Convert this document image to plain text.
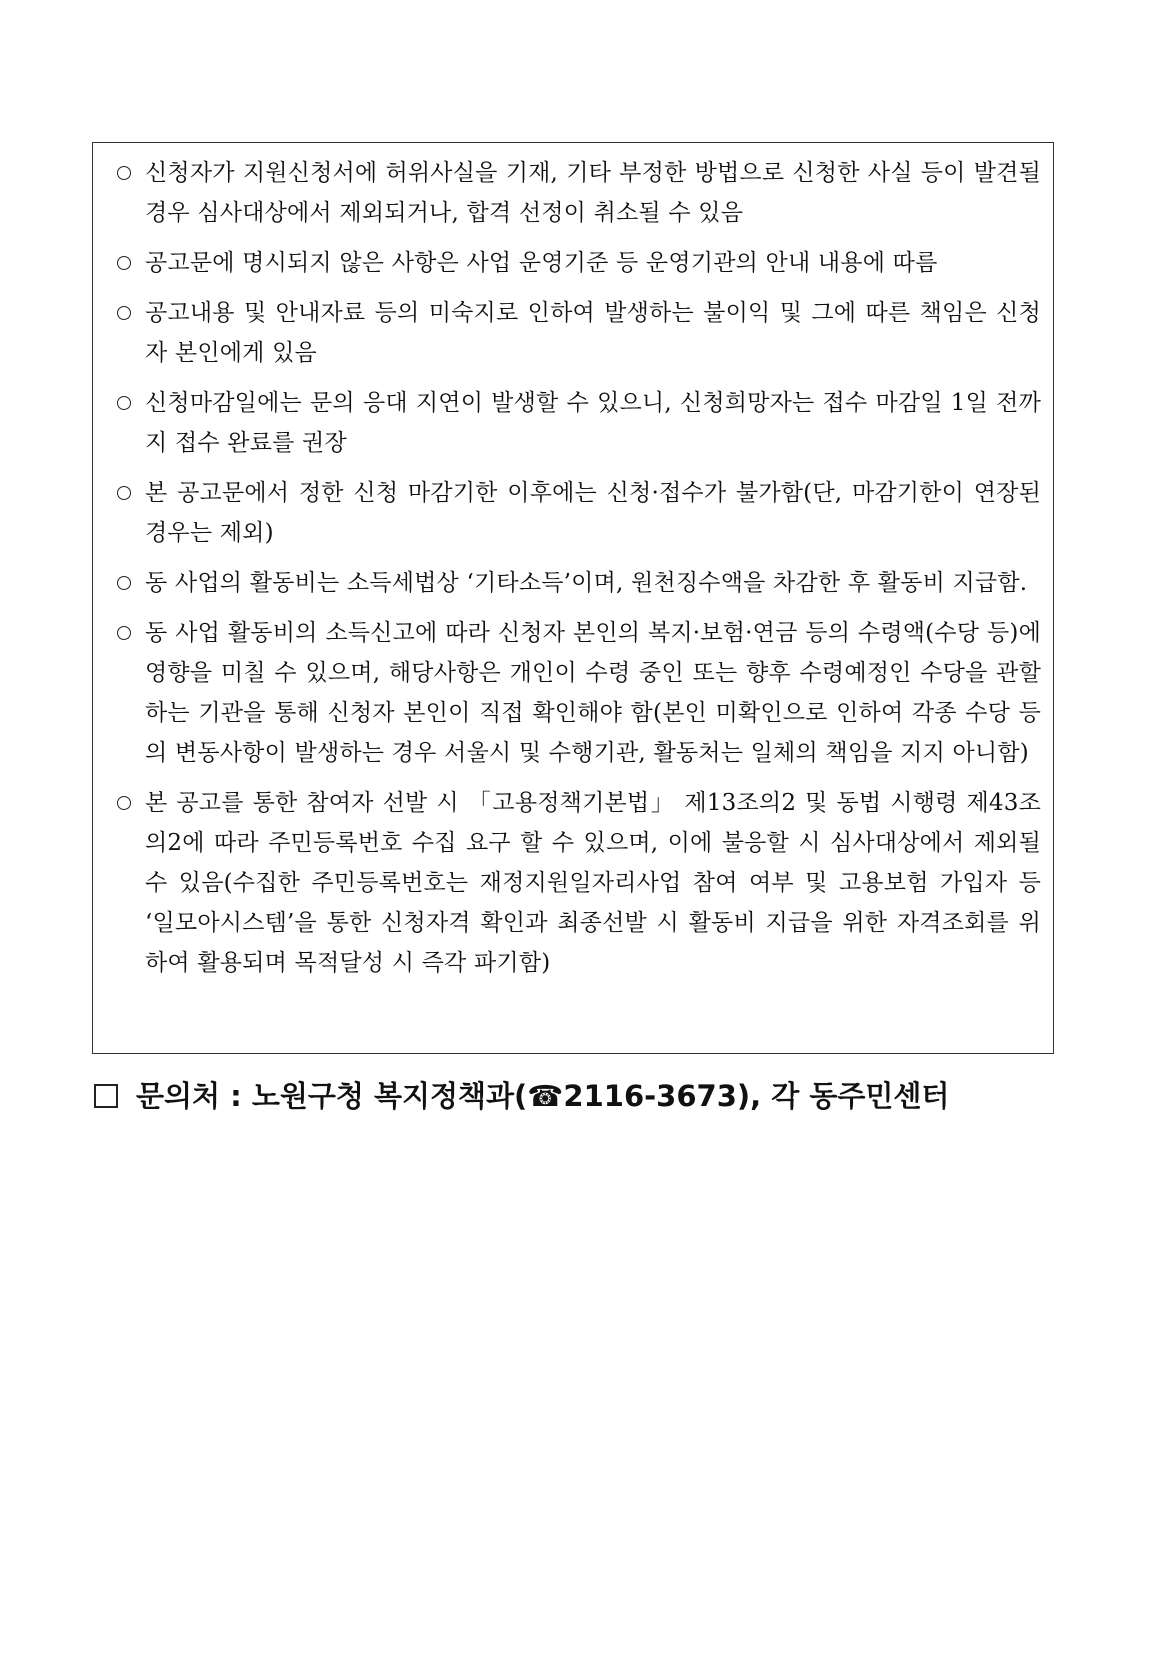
신청자가 지원신청서에 허위사실을 기재, 기타 부정한 방법으로 신청한 사실 등이 발견될 경우 심사대상에서 제외되거나, 합격 선정이 취소될 수 있음
공고문에 명시되지 않은 사항은 사업 운영기준 등 운영기관의 안내 내용에 따름
공고내용 및 안내자료 등의 미숙지로 인하여 발생하는 불이익 및 그에 따른 책임은 신청자 본인에게 있음
신청마감일에는 문의 응대 지연이 발생할 수 있으니, 신청희망자는 접수 마감일 1일 전까지 접수 완료를 권장
본 공고문에서 정한 신청 마감기한 이후에는 신청·접수가 불가함(단, 마감기한이 연장된 경우는 제외)
동 사업의 활동비는 소득세법상 ‘기타소득’이며, 원천징수액을 차감한 후 활동비 지급함.
동 사업 활동비의 소득신고에 따라 신청자 본인의 복지·보험·연금 등의 수령액(수당 등)에 영향을 미칠 수 있으며, 해당사항은 개인이 수령 중인 또는 향후 수령예정인 수당을 관할하는 기관을 통해 신청자 본인이 직접 확인해야 함(본인 미확인으로 인하여 각종 수당 등의 변동사항이 발생하는 경우 서울시 및 수행기관, 활동처는 일체의 책임을 지지 아니함)
본 공고를 통한 참여자 선발 시 「고용정책기본법」 제13조의2 및 동법 시행령 제43조의2에 따라 주민등록번호 수집 요구 할 수 있으며, 이에 불응할 시 심사대상에서 제외될 수 있음(수집한 주민등록번호는 재정지원일자리사업 참여 여부 및 고용보험 가입자 등 ‘일모아시스템’을 통한 신청자격 확인과 최종선발 시 활동비 지급을 위한 자격조회를 위하여 활용되며 목적달성 시 즉각 파기함)
문의처 : 노원구청 복지정책과(☎2116-3673), 각 동주민센터
